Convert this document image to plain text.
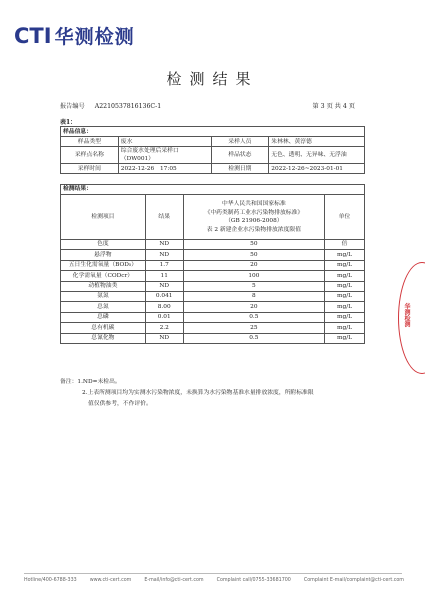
CTI 华测检测
检测结果
报告编号 A2210537816136C-1	第 3 页 共 4 页
表1：
样品信息：			
样品类型	废水	采样人员	朱林林、黄淳德
采样点名称	综合废水处理后采样口（DW001）	样品状态	无色、透明、无异味、无浮油
采样时间	2022-12-26　17:05	检测日期	2022-12-26~2023-01-01
检测结果：			
检测项目	结果	中华人民共和国国家标准
《中药类制药工业水污染物排放标准》
（GB 21906-2008）
表 2 新建企业水污染物排放浓度限值	单位
色度	ND	50	倍
悬浮物	ND	50	mg/L
五日生化需氧量（BOD₅）	1.7	20	mg/L
化学需氧量（CODcr）	11	100	mg/L
动植物油类	ND	5	mg/L
氨氮	0.041	8	mg/L
总氮	8.00	20	mg/L
总磷	0.01	0.5	mg/L
总有机碳	2.2	25	mg/L
总氰化物	ND	0.5	mg/L
备注：1.ND=未检出。
2.上表所测项目均为实测水污染物浓度，未换算为水污染物基准水量排放浓度，所附标准限
值仅供参考，不作评价。
华测检测
Hotline/400-6788-333	www.cti-cert.com	E-mail/info@cti-cert.com	Complaint call/0755-33681700	Complaint E-mail/complaint@cti-cert.com
